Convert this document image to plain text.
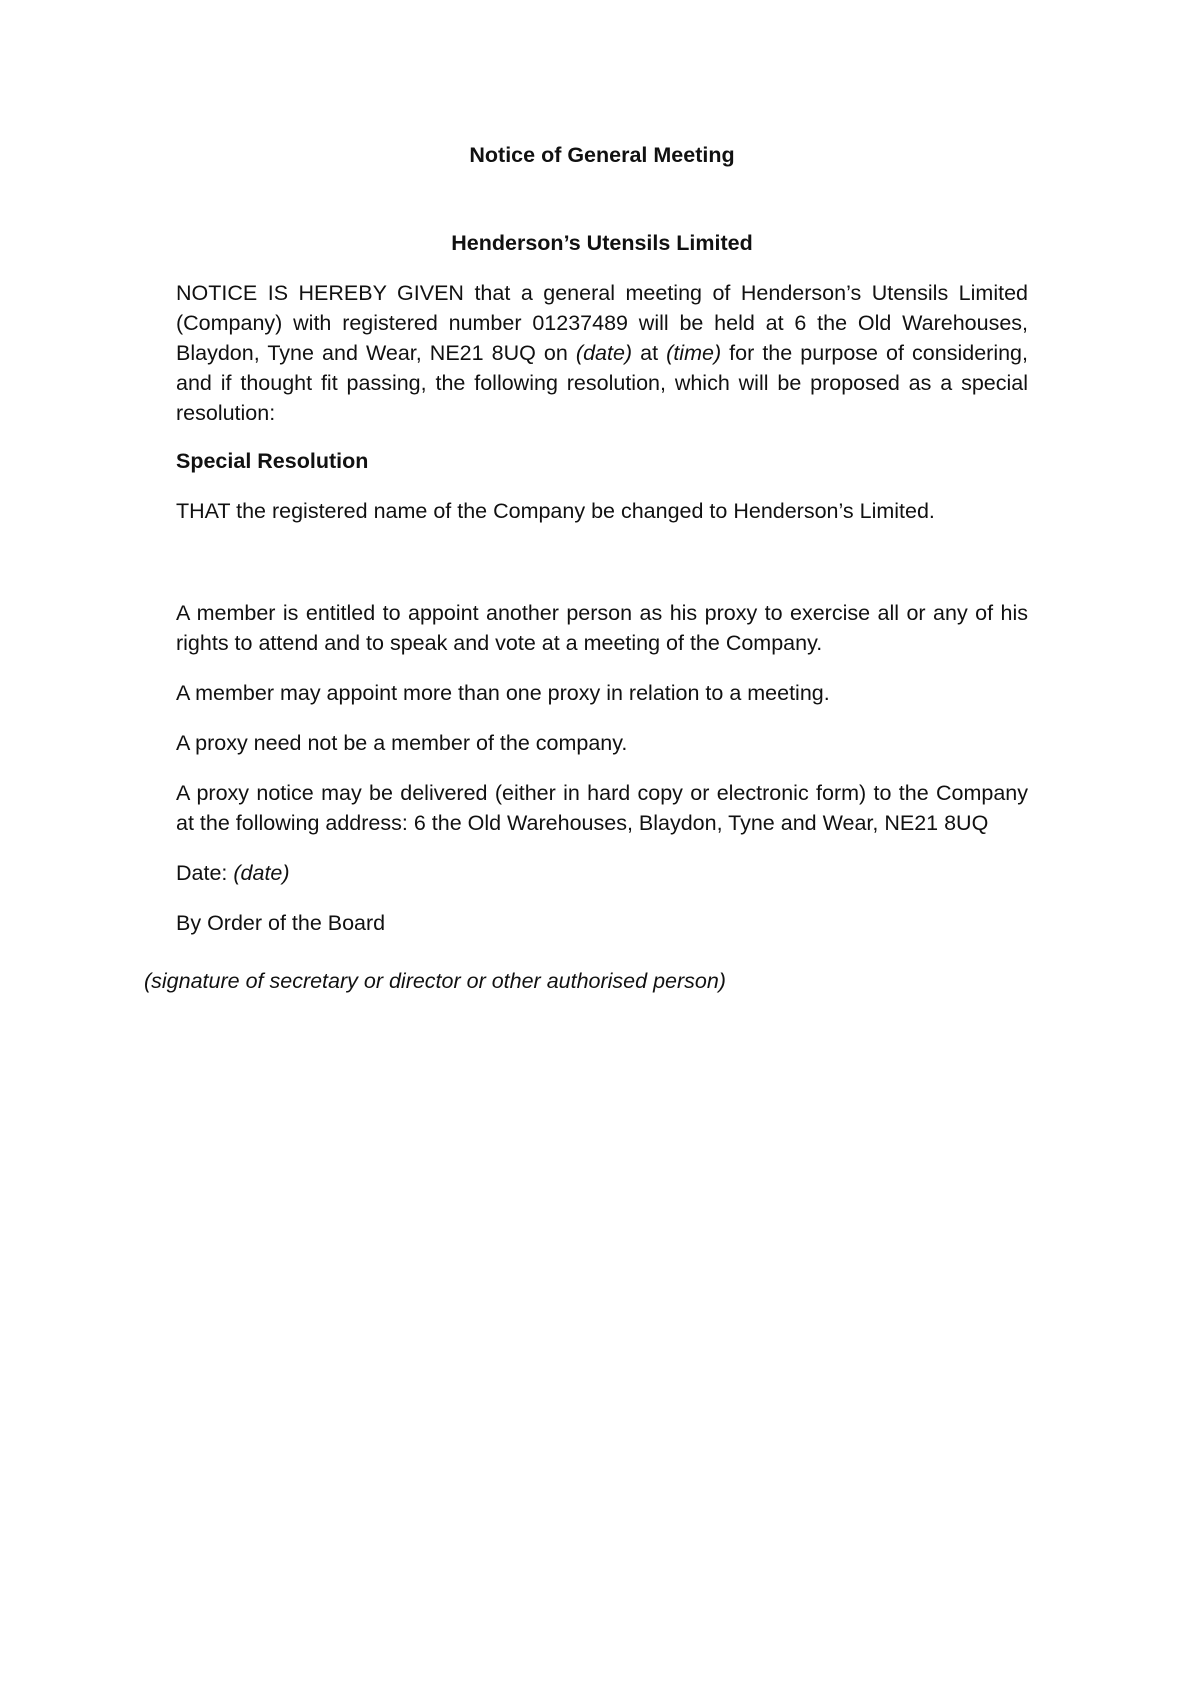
Notice of General Meeting

Henderson’s Utensils Limited

NOTICE IS HEREBY GIVEN that a general meeting of Henderson’s Utensils Limited (Company) with registered number 01237489 will be held at 6 the Old Warehouses, Blaydon, Tyne and Wear, NE21 8UQ on (date) at (time) for the purpose of considering, and if thought fit passing, the following resolution, which will be proposed as a special resolution:

Special Resolution

THAT the registered name of the Company be changed to Henderson’s Limited.

A member is entitled to appoint another person as his proxy to exercise all or any of his rights to attend and to speak and vote at a meeting of the Company.

A member may appoint more than one proxy in relation to a meeting.

A proxy need not be a member of the company.

A proxy notice may be delivered (either in hard copy or electronic form) to the Company at the following address: 6 the Old Warehouses, Blaydon, Tyne and Wear, NE21 8UQ

Date: (date)

By Order of the Board

(signature of secretary or director or other authorised person)
